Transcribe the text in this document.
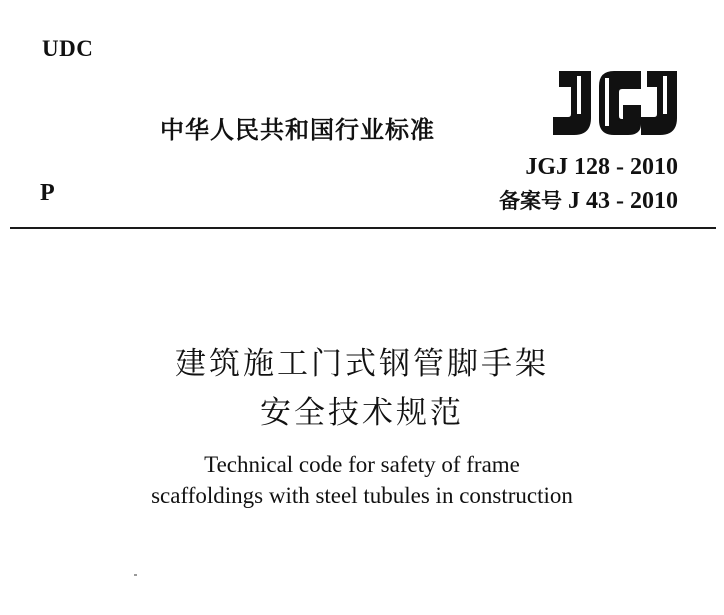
UDC
中华人民共和国行业标准
JGJ 128 - 2010
备案号 J 43 - 2010
P
建筑施工门式钢管脚手架
安全技术规范
Technical code for safety of frame
scaffoldings with steel tubules in construction
